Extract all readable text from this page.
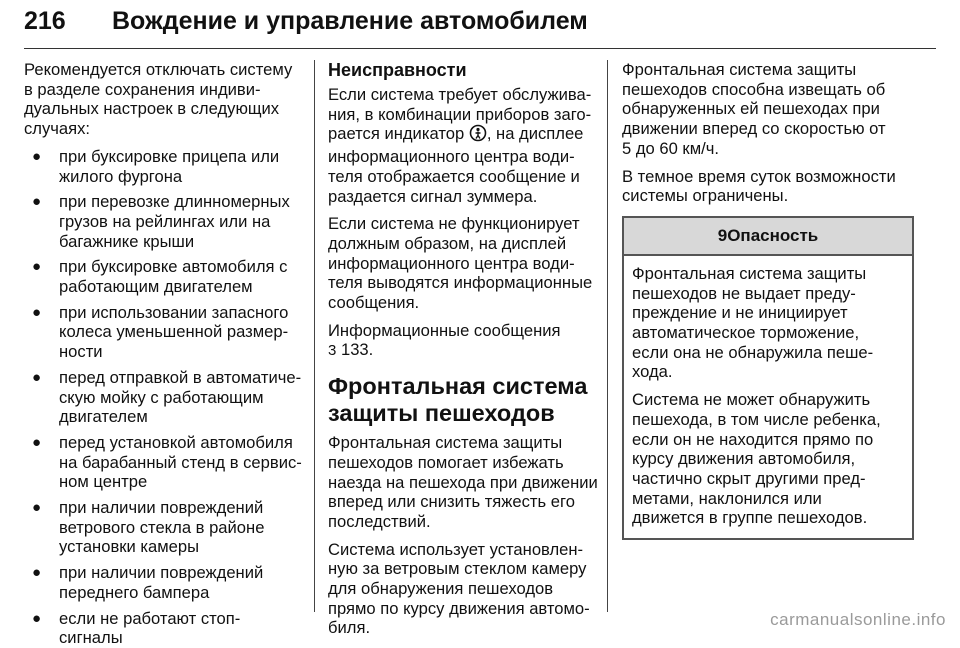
216 Вождение и управление автомобилем

Рекомендуется отключать систему
в разделе сохранения индиви-
дуальных настроек в следующих
случаях:

● при буксировке прицепа или
жилого фургона
● при перевозке длинномерных
грузов на рейлингах или на
багажнике крыши
● при буксировке автомобиля с
работающим двигателем
● при использовании запасного
колеса уменьшенной размер-
ности
● перед отправкой в автоматиче-
скую мойку с работающим
двигателем
● перед установкой автомобиля
на барабанный стенд в сервис-
ном центре
● при наличии повреждений
ветрового стекла в районе
установки камеры
● при наличии повреждений
переднего бампера
● если не работают стоп-
сигналы
Неисправности

Если система требует обслужива-
ния, в комбинации приборов заго-
рается индикатор , на дисплее
информационного центра води-
теля отображается сообщение и
раздается сигнал зуммера.

Если система не функционирует
должным образом, на дисплей
информационного центра води-
теля выводятся информационные
сообщения.

Информационные сообщения
3 133.

Фронтальная система
защиты пешеходов

Фронтальная система защиты
пешеходов помогает избежать
наезда на пешехода при движении
вперед или снизить тяжесть его
последствий.

Система использует установлен-
ную за ветровым стеклом камеру
для обнаружения пешеходов
прямо по курсу движения автомо-
биля.

Фронтальная система защиты
пешеходов способна извещать об
обнаруженных ей пешеходах при
движении вперед со скоростью от
5 до 60 км/ч.

В темное время суток возможности
системы ограничены.

9Опасность

Фронтальная система защиты
пешеходов не выдает преду-
преждение и не инициирует
автоматическое торможение,
если она не обнаружила пеше-
хода.

Система не может обнаружить
пешехода, в том числе ребенка,
если он не находится прямо по
курсу движения автомобиля,
частично скрыт другими пред-
метами, наклонился или
движется в группе пешеходов.

carmanualsonline.info
